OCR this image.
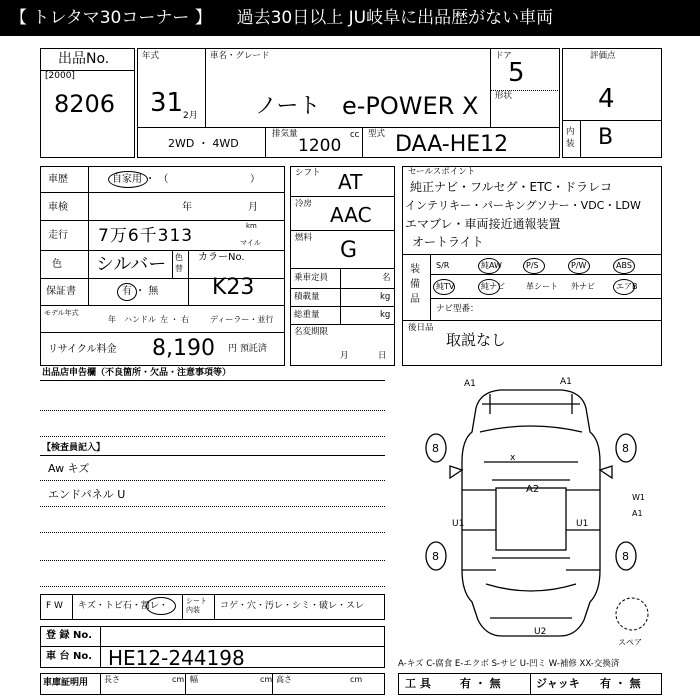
【 トレタマ30コーナー 】 過去30日以上 JU岐阜に出品歴がない車両
出品No.
[2000]
8206
年式
31 2月
車名・グレード
ノート e-POWER X
ドア
5
形状
2WD ・ 4WD
排気量	cc
1200
型式 DAA-HE12
評価点
4
内装 B
車歴	自家用 ・ （	）
車検	年	月
走行 7万6千313	km
マイル
色 シルバー 色替
カラーNo.
K23
保証書	有 ・ 無
モデル年式
年 ハンドル 左 ・ 右	ディーラー・並行
リサイクル料金 8,190 円 預託済
シフト AT
冷房 AAC
燃料 G
乗車定員	名
積載量	kg
総重量	kg
名変期限
月	日
セールスポイント
純正ナビ・フルセグ・ETC・ドラレコ
インテリキー・パーキングソナー・VDC・LDW
エマブレ・車両接近通報装置
オートライト
装備品
S/R	純AW	P/S	P/W	ABS
純TV	純ナビ	革シート 外ナビ	エアB
ナビ型番：
後日品
取説なし
出品店申告欄（不良箇所・欠品・注意事項等）
【検査員記入】
Aw キズ
エンドパネル U
A1	A1
x
A2
U1	U1
W1
A1
U2
8	8
8	8
スペア
F W キズ・トビ石・割レ・	シート内装	コゲ・穴・汚レ・シミ・破レ・スレ
登 録 No.
車 台 No. HE12-244198
車庫証明用 長さ	cm 幅	cm 高さ	cm
A-キズ C-腐食 E-エクボ S-サビ U-凹ミ W-補修 XX-交換済
工 具	有 ・ 無	ジャッキ 有 ・ 無
